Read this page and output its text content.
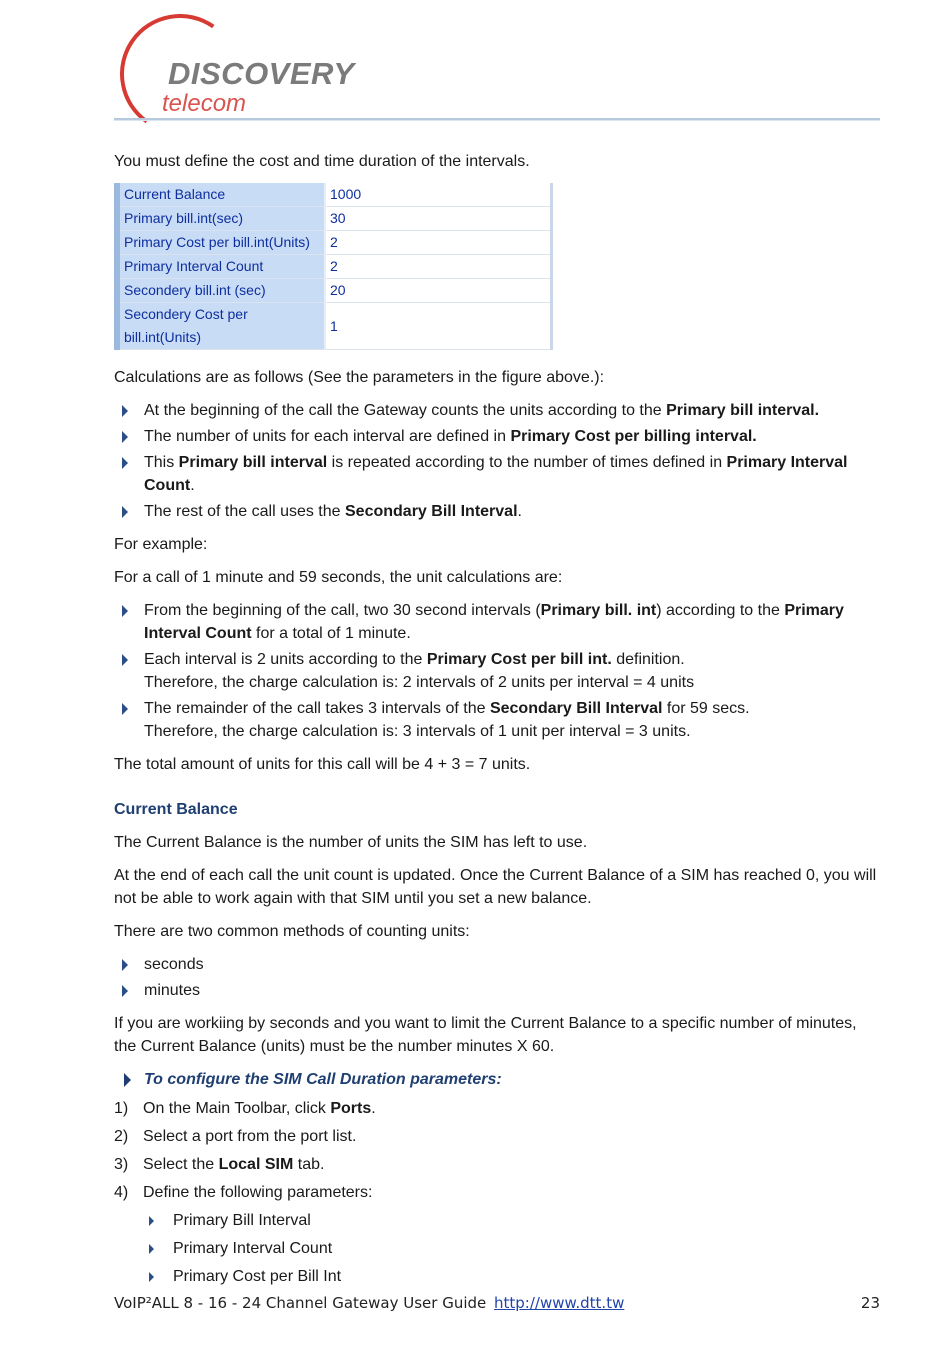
DISCOVERY
telecom

You must define the cost and time duration of the intervals.

Current Balance	1000
Primary bill.int(sec)	30
Primary Cost per bill.int(Units)	2
Primary Interval Count	2
Secondery bill.int (sec)	20
Secondery Cost per bill.int(Units)	1

Calculations are as follows (See the parameters in the figure above.):

At the beginning of the call the Gateway counts the units according to the Primary bill interval.
The number of units for each interval are defined in Primary Cost per billing interval.
This Primary bill interval is repeated according to the number of times defined in Primary Interval Count.
The rest of the call uses the Secondary Bill Interval.

For example:

For a call of 1 minute and 59 seconds, the unit calculations are:

From the beginning of the call, two 30 second intervals (Primary bill. int) according to the Primary Interval Count for a total of 1 minute.
Each interval is 2 units according to the Primary Cost per bill int. definition.
Therefore, the charge calculation is: 2 intervals of 2 units per interval = 4 units
The remainder of the call takes 3 intervals of the Secondary Bill Interval for 59 secs.
Therefore, the charge calculation is: 3 intervals of 1 unit per interval = 3 units.

The total amount of units for this call will be 4 + 3 = 7 units.

Current Balance

The Current Balance is the number of units the SIM has left to use.

At the end of each call the unit count is updated. Once the Current Balance of a SIM has reached 0, you will not be able to work again with that SIM until you set a new balance.

There are two common methods of counting units:

seconds
minutes

If you are workiing by seconds and you want to limit the Current Balance to a specific number of minutes, the Current Balance (units) must be the number minutes X 60.

To configure the SIM Call Duration parameters:
1) On the Main Toolbar, click Ports.
2) Select a port from the port list.
3) Select the Local SIM tab.
4) Define the following parameters:
Primary Bill Interval
Primary Interval Count
Primary Cost per Bill Int
VoIP²ALL 8 - 16 - 24 Channel Gateway User Guide http://www.dtt.tw	23
